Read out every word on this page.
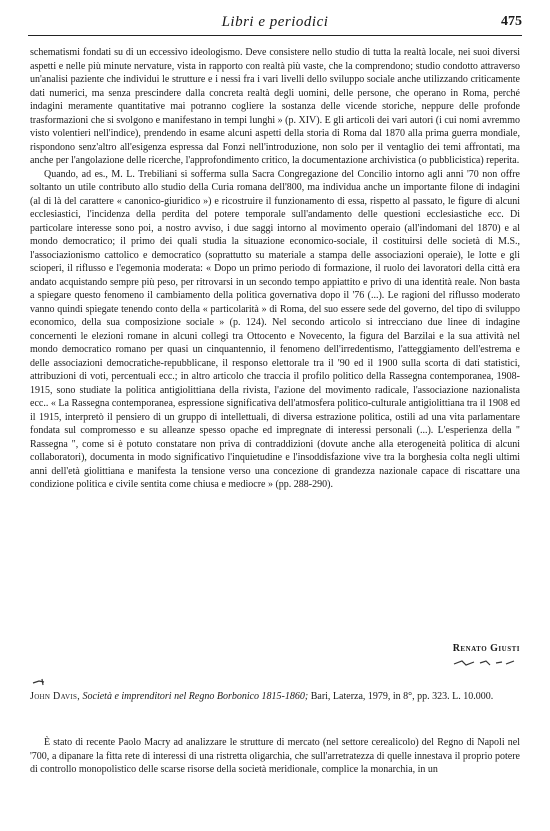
Libri e periodici	475

schematismi fondati su di un eccessivo ideologismo. Deve consistere nello studio di tutta la realtà locale, nei suoi diversi aspetti e nelle più minute nervature, vista in rapporto con realtà più vaste, che la comprendono; studio condotto attraverso un'analisi paziente che individui le strutture e i nessi fra i vari livelli dello sviluppo sociale anche utilizzando criticamente dati numerici, ma senza prescindere dalla concreta realtà degli uomini, delle persone, che operano in Roma, perché indagini meramente quantitative mai potranno cogliere la sostanza delle vicende storiche, neppure delle profonde trasformazioni che si svolgono e manifestano in tempi lunghi » (p. XIV). E gli articoli dei vari autori (i cui nomi avremmo visto volentieri nell'indice), prendendo in esame alcuni aspetti della storia di Roma dal 1870 alla prima guerra mondiale, rispondono senz'altro all'esigenza espressa dal Fonzi nell'introduzione, non solo per il ventaglio dei temi affrontati, ma anche per l'angolazione delle ricerche, l'approfondimento critico, la documentazione archivistica (o pubblicistica) reperita.

Quando, ad es., M. L. Trebiliani si sofferma sulla Sacra Congregazione del Concilio intorno agli anni '70 non offre soltanto un utile contributo allo studio della Curia romana dell'800, ma individua anche un importante filone di indagini (al di là del carattere « canonico-giuridico ») e ricostruire il funzionamento di essa, rispetto al passato, le figure di alcuni ecclesiastici, l'incidenza della perdita del potere temporale sull'andamento delle questioni ecclesiastiche ecc. Di particolare interesse sono poi, a nostro avviso, i due saggi intorno al movimento operaio (all'indomani del 1870) e al mondo democratico; il primo dei quali studia la situazione economico-sociale, il costituirsi delle società di M.S., l'associazionismo cattolico e democratico (soprattutto su materiale a stampa delle associazioni operaie), le lotte e gli scioperi, il riflusso e l'egemonia moderata: « Dopo un primo periodo di formazione, il ruolo dei lavoratori della città era andato acquistando sempre più peso, per ritrovarsi in un secondo tempo appiattito e privo di una identità reale. Non basta a spiegare questo fenomeno il cambiamento della politica governativa dopo il '76 (...). Le ragioni del riflusso moderato vanno quindi spiegate tenendo conto della « particolarità » di Roma, del suo essere sede del governo, del tipo di sviluppo economico, della sua composizione sociale » (p. 124). Nel secondo articolo si intrecciano due linee di indagine concernenti le elezioni romane in alcuni collegi tra Ottocento e Novecento, la figura del Barzilai e la sua attività nel mondo democratico romano per quasi un cinquantennio, il fenomeno dell'irredentismo, l'atteggiamento dell'estrema e delle associazioni democratiche-repubblicane, il responso elettorale tra il '90 ed il 1900 sulla scorta di dati statistici, attribuzioni di voti, percentuali ecc.; in altro articolo che traccia il profilo politico della Rassegna contemporanea, 1908-1915, sono studiate la politica antigiolittiana della rivista, l'azione del movimento radicale, l'associazione nazionalista ecc.. « La Rassegna contemporanea, espressione significativa dell'atmosfera politico-culturale antigiolittiana tra il 1908 ed il 1915, interpretò il pensiero di un gruppo di intellettuali, di diversa estrazione politica, ostili ad una vita parlamentare fondata sul compromesso e su alleanze spesso opache ed impregnate di interessi personali (...). L'esperienza della " Rassegna ", come si è potuto constatare non priva di contraddizioni (dovute anche alla eterogeneità politica di alcuni collaboratori), documenta in modo significativo l'inquietudine e l'insoddisfazione vive tra la borghesia colta negli ultimi anni dell'età giolittiana e manifesta la tensione verso una concezione di grandezza nazionale capace di riscattare una condizione politica e civile sentita come chiusa e mediocre » (pp. 288-290).

Renato Giusti
John Davis, Società e imprenditori nel Regno Borbonico 1815-1860; Bari, Laterza, 1979, in 8°, pp. 323. L. 10.000.

È stato di recente Paolo Macry ad analizzare le strutture di mercato (nel settore cerealicolo) del Regno di Napoli nel '700, a dipanare la fitta rete di interessi di una ristretta oligarchia, che sull'arretratezza di quelle innestava il proprio potere di controllo monopolistico delle scarse risorse della società meridionale, complice la monarchia, in un
